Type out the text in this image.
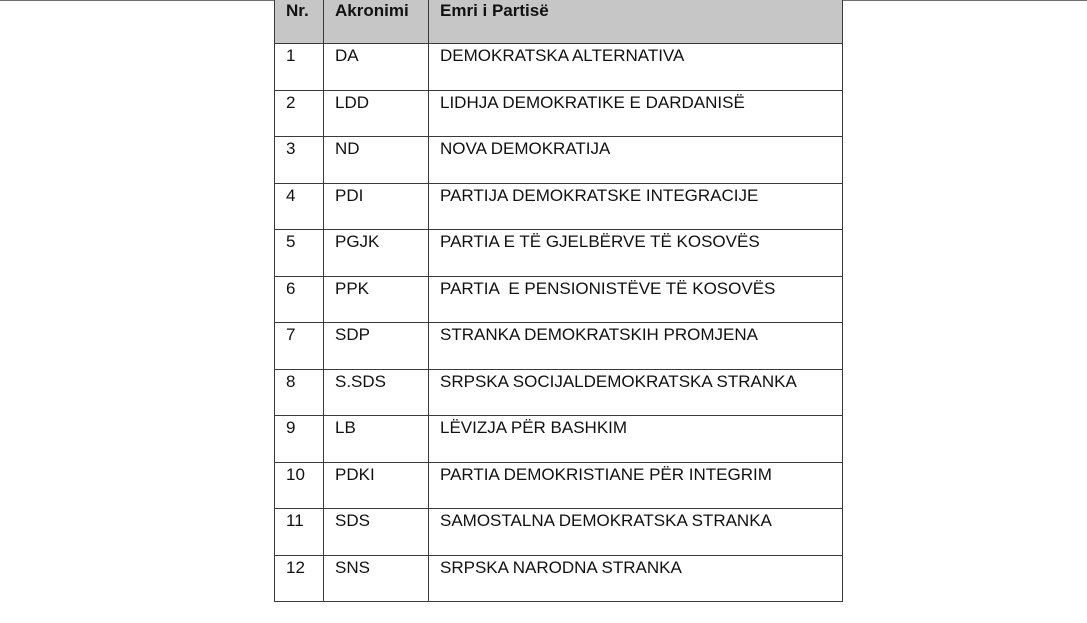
Nr.	Akronimi	Emri i Partisë
1	DA	DEMOKRATSKA ALTERNATIVA
2	LDD	LIDHJA DEMOKRATIKE E DARDANISË
3	ND	NOVA DEMOKRATIJA
4	PDI	PARTIJA DEMOKRATSKE INTEGRACIJE
5	PGJK	PARTIA E TË GJELBËRVE TË KOSOVËS
6	PPK	PARTIA  E PENSIONISTËVE TË KOSOVËS
7	SDP	STRANKA DEMOKRATSKIH PROMJENA
8	S.SDS	SRPSKA SOCIJALDEMOKRATSKA STRANKA
9	LB	LËVIZJA PËR BASHKIM
10	PDKI	PARTIA DEMOKRISTIANE PËR INTEGRIM
11	SDS	SAMOSTALNA DEMOKRATSKA STRANKA
12	SNS	SRPSKA NARODNA STRANKA
